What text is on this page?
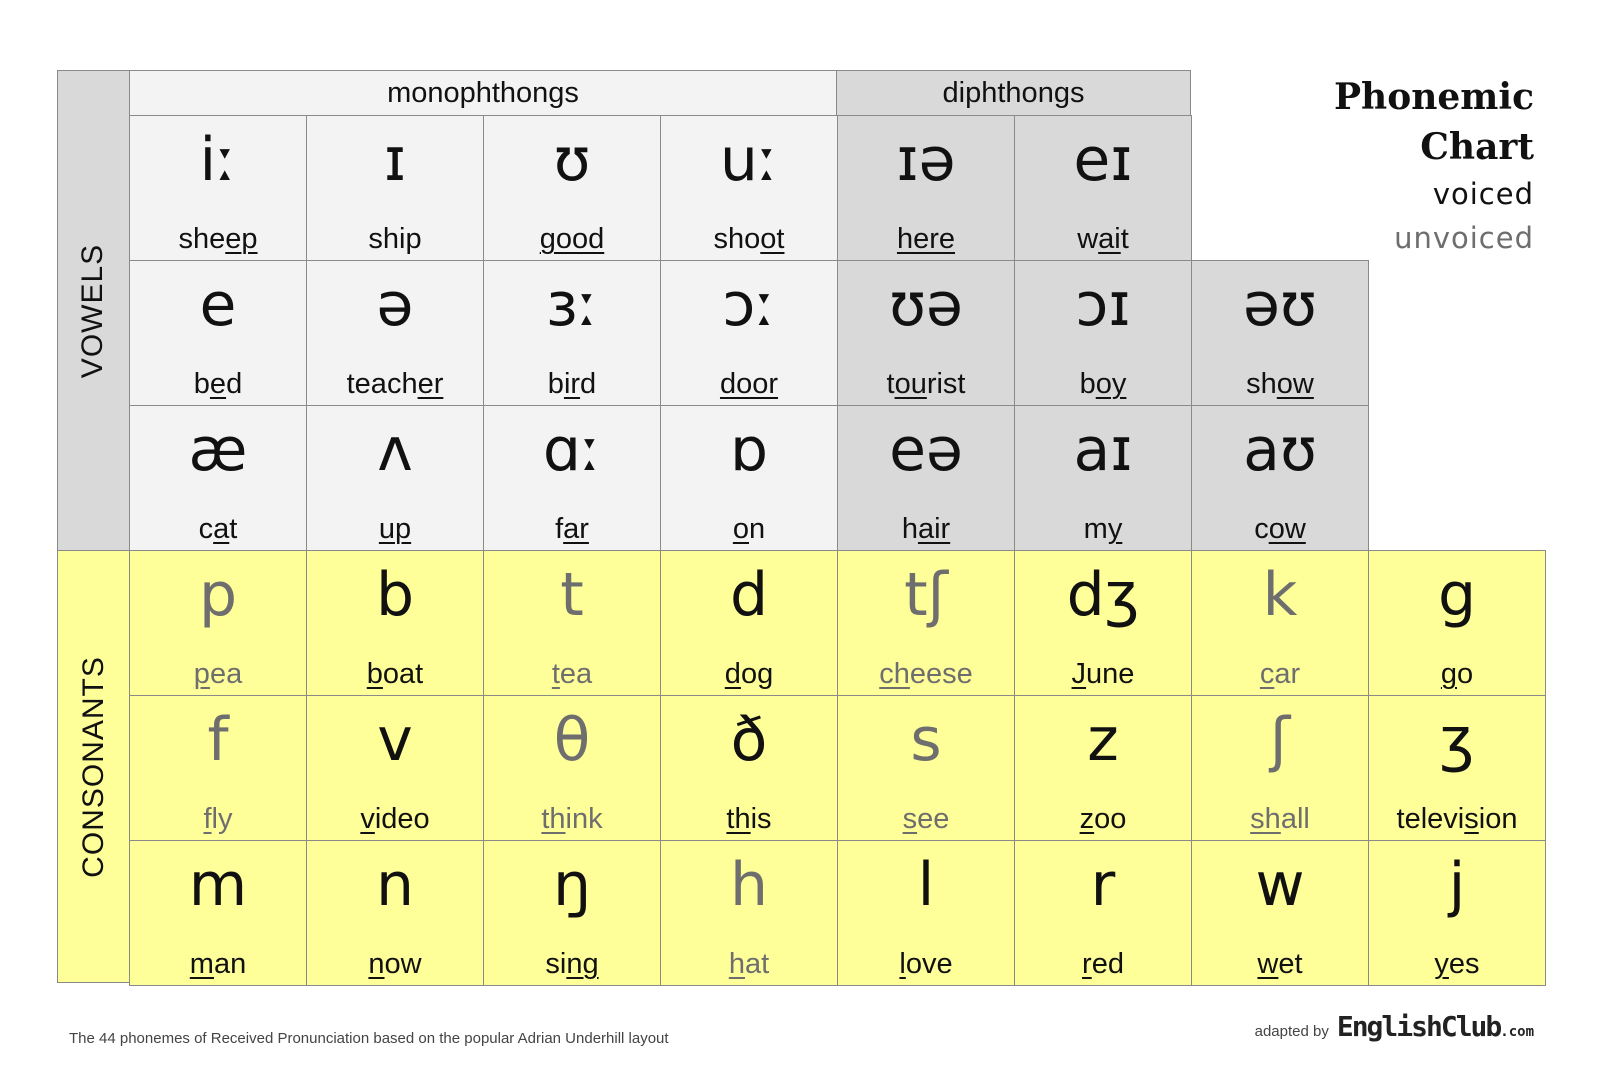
VOWELS
CONSONANTS
monophthongs	diphthongs
iː
sheep
ɪ
ship
ʊ
good
uː
shoot
ɪə
here
eɪ
wait
e
bed
ə
teacher
ɜː
bird
ɔː
door
ʊə
tourist
ɔɪ
boy
əʊ
show
æ
cat
ʌ
up
ɑː
far
ɒ
on
eə
hair
aɪ
my
aʊ
cow
p
pea
b
boat
t
tea
d
dog
tʃ
cheese
dʒ
June
k
car
g
go
f
fly
v
video
θ
think
ð
this
s
see
z
zoo
ʃ
shall
ʒ
television
m
man
n
now
ŋ
sing
h
hat
l
love
r
red
w
wet
j
yes
Phonemic
Chart
voiced
unvoiced
The 44 phonemes of Received Pronunciation based on the popular Adrian Underhill layout	adapted by EnglishClub.com
